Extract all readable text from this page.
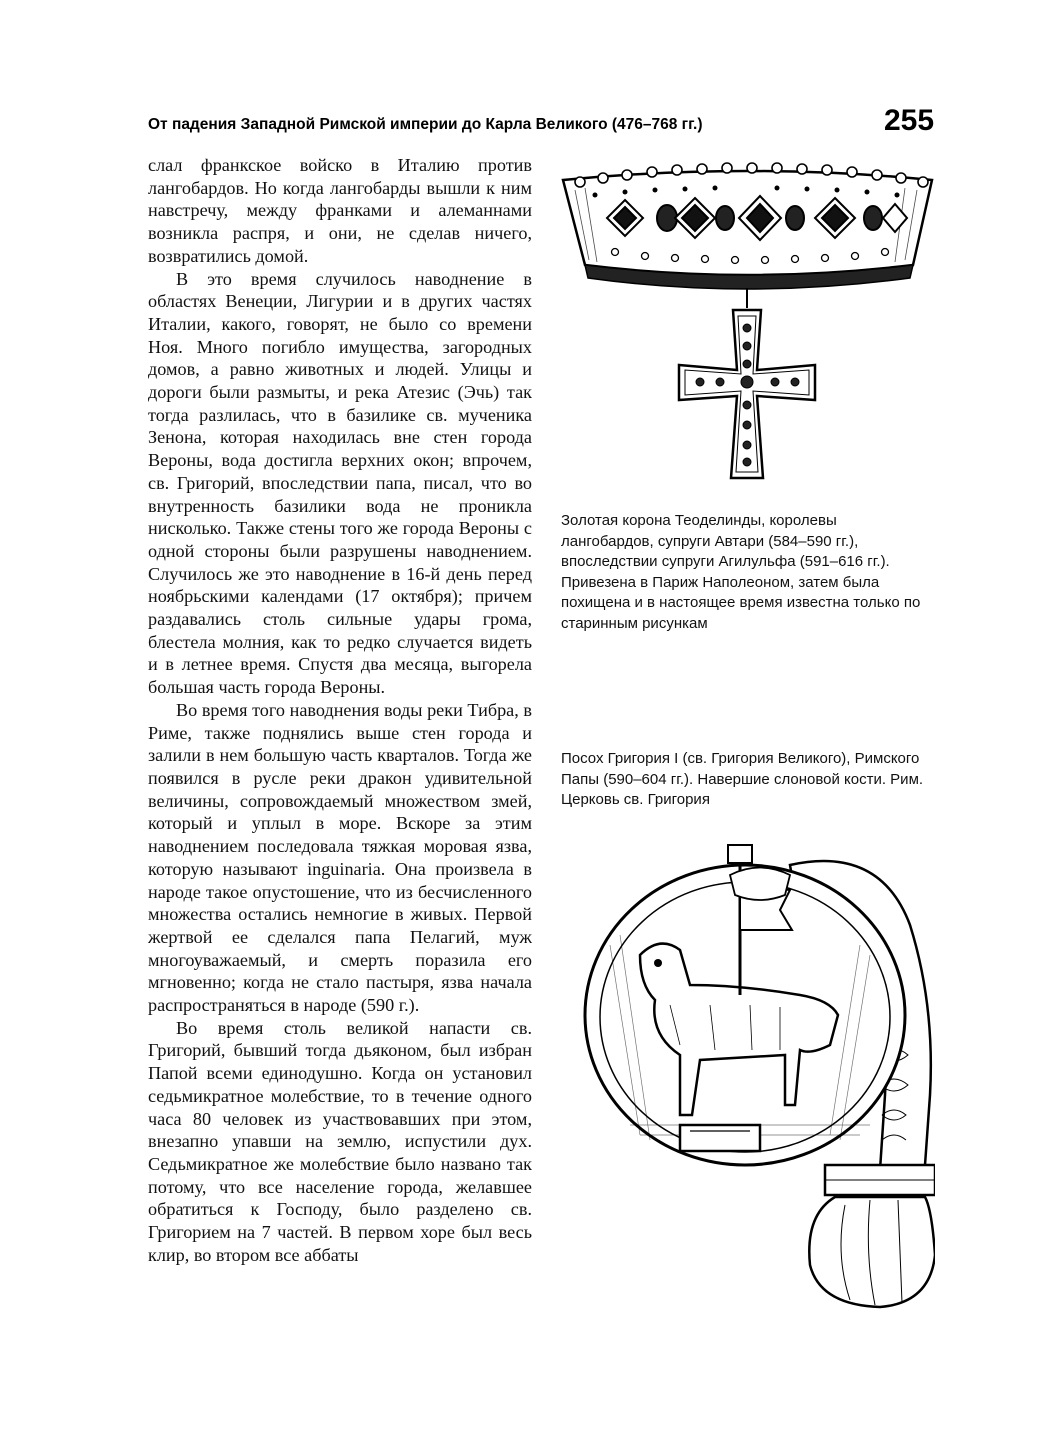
От падения Западной Римской империи до Карла Великого (476–768 гг.)	255

слал франкское войско в Италию против лангобардов. Но когда лангобарды вышли к ним навстречу, между франками и алеманнами возникла распря, и они, не сделав ничего, возвратились домой.

В это время случилось наводнение в областях Венеции, Лигурии и в других частях Италии, какого, говорят, не было со времени Ноя. Много погибло имущества, загородных домов, а равно животных и людей. Улицы и дороги были размыты, и река Атезис (Эчь) так тогда разлилась, что в базилике св. мученика Зенона, которая находилась вне стен города Вероны, вода достигла верхних окон; впрочем, св. Григорий, впоследствии папа, писал, что во внутренность базилики вода не проникла нисколько. Также стены того же города Вероны с одной стороны были разрушены наводнением. Случилось же это наводнение в 16-й день перед ноябрьскими календами (17 октября); причем раздавались столь сильные удары грома, блестела молния, как то редко случается видеть и в летнее время. Спустя два месяца, выгорела большая часть города Вероны.

Во время того наводнения воды реки Тибра, в Риме, также поднялись выше стен города и залили в нем большую часть кварталов. Тогда же появился в русле реки дракон удивительной величины, сопровождаемый множеством змей, который и уплыл в море. Вскоре за этим наводнением последовала тяжкая моровая язва, которую называют inguinaria. Она произвела в народе такое опустошение, что из бесчисленного множества остались немногие в живых. Первой жертвой ее сделался папа Пелагий, муж многоуважаемый, и смерть поразила его мгновенно; когда не стало пастыря, язва начала распространяться в народе (590 г.).

Во время столь великой напасти св. Григорий, бывший тогда дьяконом, был избран Папой всеми единодушно. Когда он установил седьмикратное молебствие, то в течение одного часа 80 человек из участвовавших при этом, внезапно упавши на землю, испустили дух. Седьмикратное же молебствие было названо так потому, что все население города, желавшее обратиться к Господу, было разделено св. Григорием на 7 частей. В первом хоре был весь клир, во втором все аббаты

Золотая корона Теоделинды, королевы лангобардов, супруги Автари (584–590 гг.), впоследствии супруги Агилульфа (591–616 гг.). Привезена в Париж Наполеоном, затем была похищена и в настоящее время известна только по старинным рисункам
Посох Григория I (св. Григория Великого), Римского Папы (590–604 гг.). Навершие слоновой кости. Рим. Церковь св. Григория
